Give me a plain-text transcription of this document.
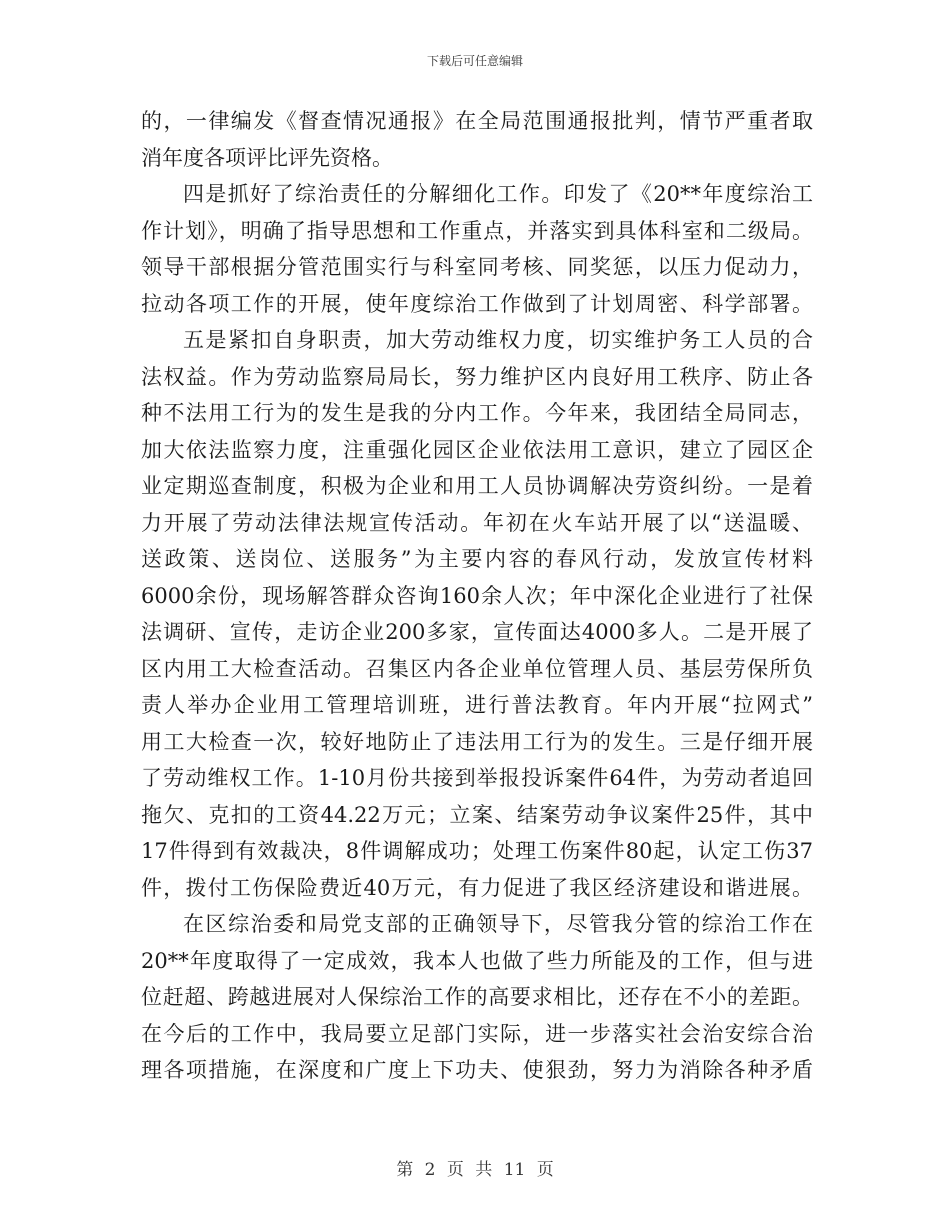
下载后可任意编辑
的，一律编发《督查情况通报》在全局范围通报批判，情节严重者取
消年度各项评比评先资格。
四是抓好了综治责任的分解细化工作。印发了《20**年度综治工
作计划》，明确了指导思想和工作重点，并落实到具体科室和二级局。
领导干部根据分管范围实行与科室同考核、同奖惩，以压力促动力，
拉动各项工作的开展，使年度综治工作做到了计划周密、科学部署。
五是紧扣自身职责，加大劳动维权力度，切实维护务工人员的合
法权益。作为劳动监察局局长，努力维护区内良好用工秩序、防止各
种不法用工行为的发生是我的分内工作。今年来，我团结全局同志，
加大依法监察力度，注重强化园区企业依法用工意识，建立了园区企
业定期巡查制度，积极为企业和用工人员协调解决劳资纠纷。一是着
力开展了劳动法律法规宣传活动。年初在火车站开展了以“送温暖、
送政策、送岗位、送服务”为主要内容的春风行动，发放宣传材料
6000余份，现场解答群众咨询160余人次；年中深化企业进行了社保
法调研、宣传，走访企业200多家，宣传面达4000多人。二是开展了
区内用工大检查活动。召集区内各企业单位管理人员、基层劳保所负
责人举办企业用工管理培训班，进行普法教育。年内开展“拉网式”
用工大检查一次，较好地防止了违法用工行为的发生。三是仔细开展
了劳动维权工作。1-10月份共接到举报投诉案件64件，为劳动者追回
拖欠、克扣的工资44.22万元；立案、结案劳动争议案件25件，其中
17件得到有效裁决，8件调解成功；处理工伤案件80起，认定工伤37
件，拨付工伤保险费近40万元，有力促进了我区经济建设和谐进展。
在区综治委和局党支部的正确领导下，尽管我分管的综治工作在
20**年度取得了一定成效，我本人也做了些力所能及的工作，但与进
位赶超、跨越进展对人保综治工作的高要求相比，还存在不小的差距。
在今后的工作中，我局要立足部门实际，进一步落实社会治安综合治
理各项措施，在深度和广度上下功夫、使狠劲，努力为消除各种矛盾
第 2 页 共 11 页
